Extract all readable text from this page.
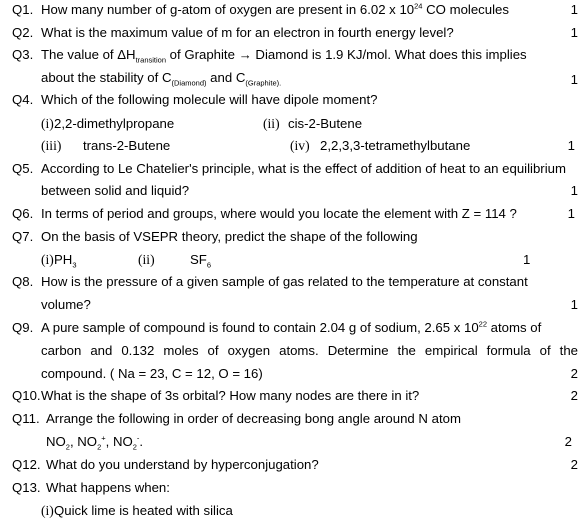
Q1. How many number of g-atom of oxygen are present in 6.02 x $10^{24}$ CO molecules	1
Q2. What is the maximum value of m for an electron in fourth energy level?	1
Q3. The value of $\Delta H_{transition}$ of Graphite → Diamond is 1.9 KJ/mol. What does this implies
about the stability of $C_{(Diamond)}$ and $C_{(Graphite).}$	1
Q4. Which of the following molecule will have dipole moment?
(i) 2,2-dimethylpropane	(ii) cis-2-Butene
(iii) trans-2-Butene	(iv) 2,2,3,3-tetramethylbutane	1
Q5. According to Le Chatelier's principle, what is the effect of addition of heat to an equilibrium
between solid and liquid?	1
Q6. In terms of period and groups, where would you locate the element with Z = 114 ?	1
Q7. On the basis of VSEPR theory, predict the shape of the following
(i) $PH_3$	(ii)	$SF_6$	1
Q8. How is the pressure of a given sample of gas related to the temperature at constant
volume?	1
Q9. A pure sample of compound is found to contain 2.04 g of sodium, 2.65 x $10^{22}$ atoms of
carbon and 0.132 moles of oxygen atoms. Determine the empirical formula of the
compound. ( Na = 23, C = 12, O = 16)	2
Q10. What is the shape of 3s orbital? How many nodes are there in it?	2
Q11. Arrange the following in order of decreasing bong angle around N atom
$NO_2$, $NO_2^+$, $NO_2^-$.	2
Q12. What do you understand by hyperconjugation?	2
Q13. What happens when:
(i) Quick lime is heated with silica
